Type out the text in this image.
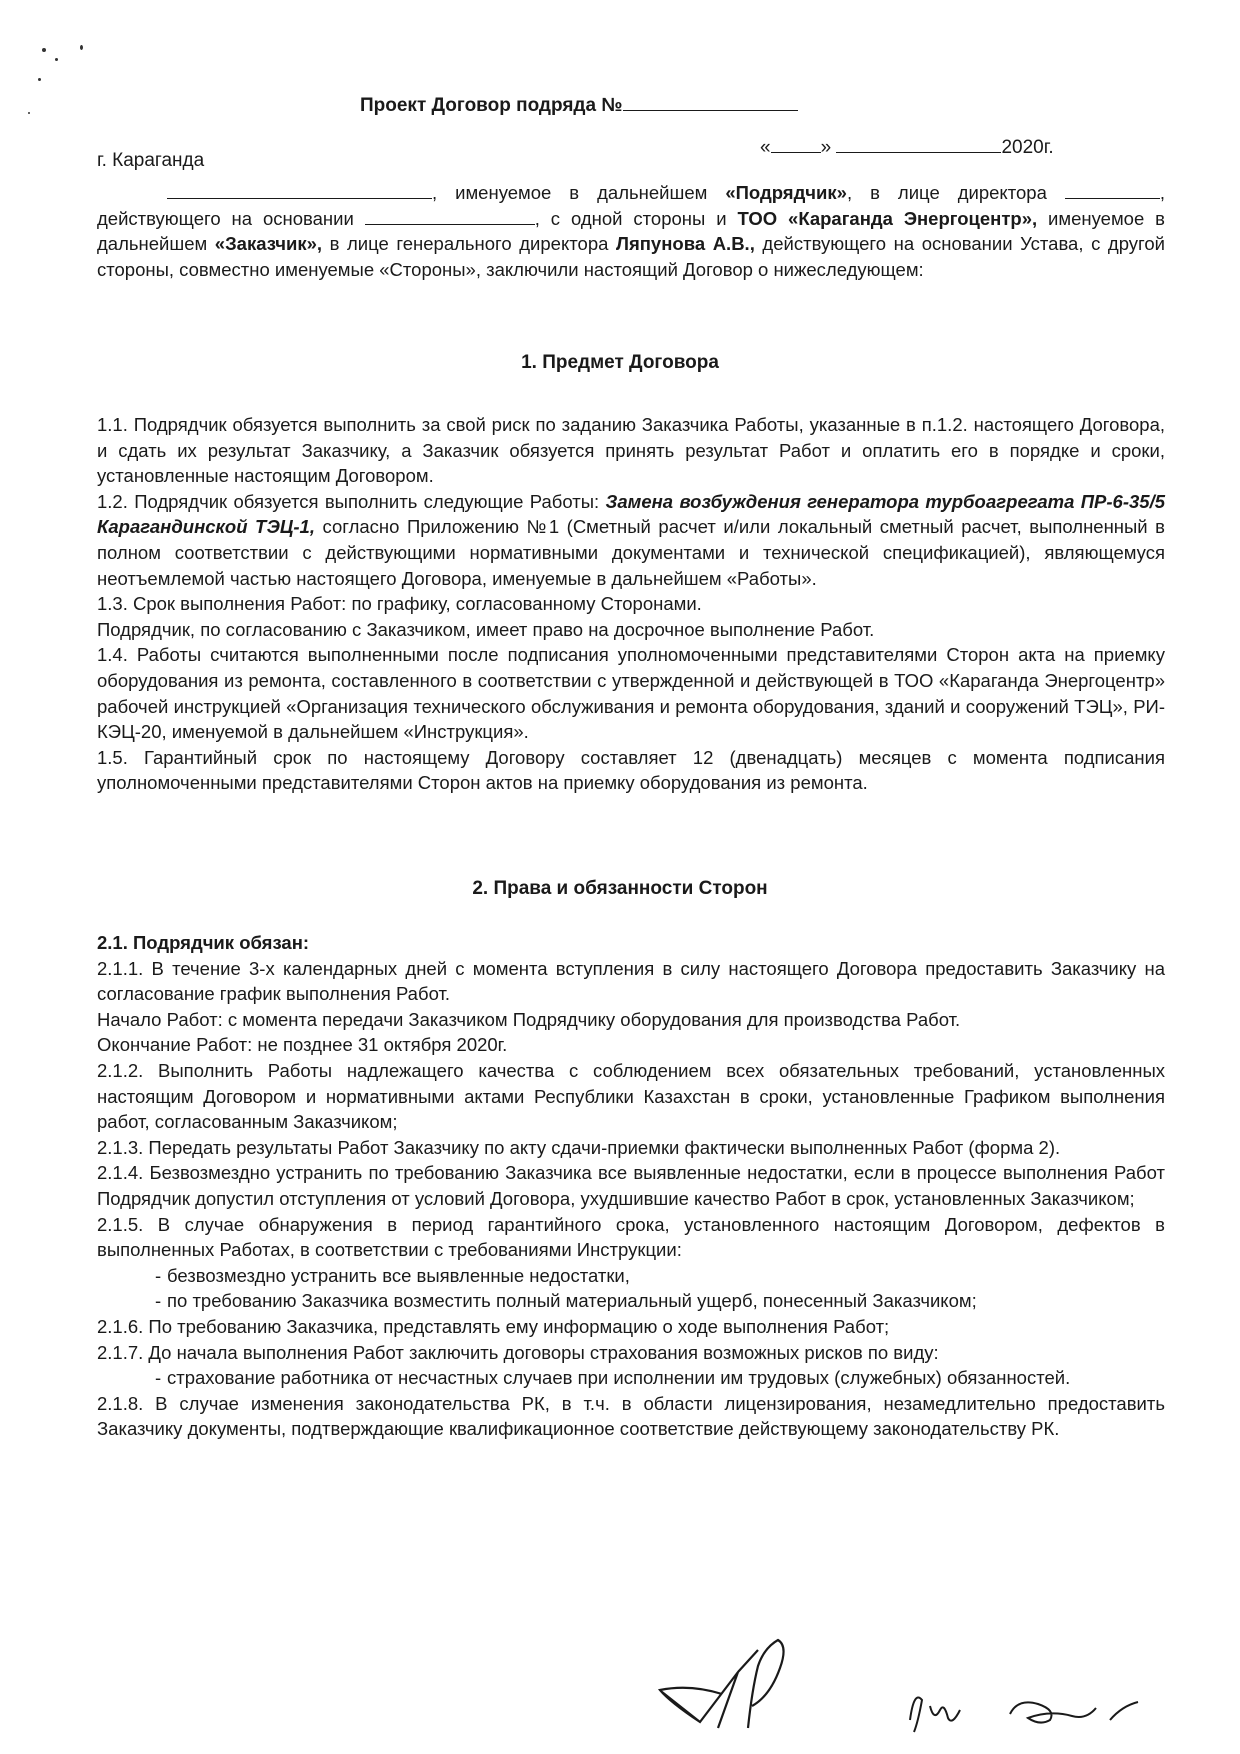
Проект Договор подряда №
г. Караганда
«	»	2020г.

, именуемое в дальнейшем «Подрядчик», в лице директора	, действующего на основании	, с одной стороны и ТОО «Караганда Энергоцентр», именуемое в дальнейшем «Заказчик», в лице генерального директора Ляпунова А.В., действующего на основании Устава, с другой стороны, совместно именуемые «Стороны», заключили настоящий Договор о нижеследующем:

1. Предмет Договора

1.1. Подрядчик обязуется выполнить за свой риск по заданию Заказчика Работы, указанные в п.1.2. настоящего Договора, и сдать их результат Заказчику, а Заказчик обязуется принять результат Работ и оплатить его в порядке и сроки, установленные настоящим Договором.

1.2. Подрядчик обязуется выполнить следующие Работы: Замена возбуждения генератора турбоагрегата ПР-6-35/5 Карагандинской ТЭЦ-1, согласно Приложению №1 (Сметный расчет и/или локальный сметный расчет, выполненный в полном соответствии с действующими нормативными документами и технической спецификацией), являющемуся неотъемлемой частью настоящего Договора, именуемые в дальнейшем «Работы».

1.3. Срок выполнения Работ: по графику, согласованному Сторонами.

Подрядчик, по согласованию с Заказчиком, имеет право на досрочное выполнение Работ.

1.4. Работы считаются выполненными после подписания уполномоченными представителями Сторон акта на приемку оборудования из ремонта, составленного в соответствии с утвержденной и действующей в ТОО «Караганда Энергоцентр» рабочей инструкцией «Организация технического обслуживания и ремонта оборудования, зданий и сооружений ТЭЦ», РИ-КЭЦ-20, именуемой в дальнейшем «Инструкция».

1.5. Гарантийный срок по настоящему Договору составляет 12 (двенадцать) месяцев с момента подписания уполномоченными представителями Сторон актов на приемку оборудования из ремонта.

2. Права и обязанности Сторон

2.1. Подрядчик обязан:

2.1.1. В течение 3-х календарных дней с момента вступления в силу настоящего Договора предоставить Заказчику на согласование график выполнения Работ.

Начало Работ: с момента передачи Заказчиком Подрядчику оборудования для производства Работ.

Окончание Работ: не позднее 31 октября 2020г.

2.1.2. Выполнить Работы надлежащего качества с соблюдением всех обязательных требований, установленных настоящим Договором и нормативными актами Республики Казахстан в сроки, установленные Графиком выполнения работ, согласованным Заказчиком;

2.1.3. Передать результаты Работ Заказчику по акту сдачи-приемки фактически выполненных Работ (форма 2).

2.1.4. Безвозмездно устранить по требованию Заказчика все выявленные недостатки, если в процессе выполнения Работ Подрядчик допустил отступления от условий Договора, ухудшившие качество Работ в срок, установленных Заказчиком;

2.1.5. В случае обнаружения в период гарантийного срока, установленного настоящим Договором, дефектов в выполненных Работах, в соответствии с требованиями Инструкции:

- безвозмездно устранить все выявленные недостатки,

- по требованию Заказчика возместить полный материальный ущерб, понесенный Заказчиком;

2.1.6. По требованию Заказчика, представлять ему информацию о ходе выполнения Работ;

2.1.7. До начала выполнения Работ заключить договоры страхования возможных рисков по виду:

- страхование работника от несчастных случаев при исполнении им трудовых (служебных) обязанностей.

2.1.8. В случае изменения законодательства РК, в т.ч. в области лицензирования, незамедлительно предоставить Заказчику документы, подтверждающие квалификационное соответствие действующему законодательству РК.
